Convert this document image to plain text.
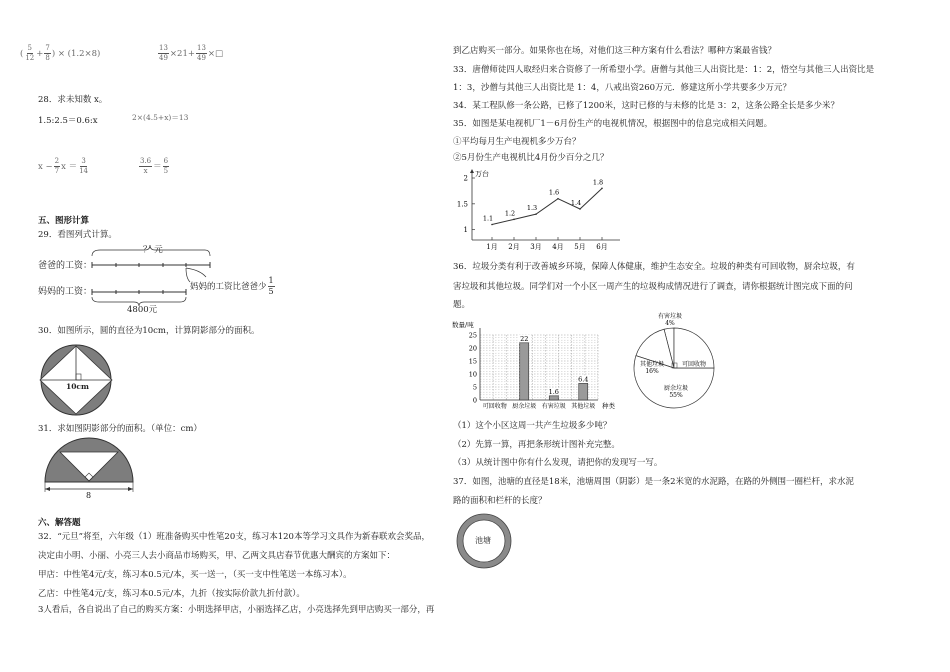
( $\frac{5}{12} + \frac{7}{8}$ ) × (1.2×8)	$\frac{13}{49} \times 21+ \frac{13}{49}$ ×□
28．求未知数 x。
1.5:2.5＝0.6:x	2×(4.5+x)＝13
$x - \frac{2}{7}$ $x = \frac{3}{14}$	$\frac{3.6}{x} = \frac{6}{5}$
五、图形计算
29．看图列式计算。
爸爸的工资：
妈妈的工资：
？ 元
4800元
妈妈的工资比爸爸少 $\frac{1}{5}$
30．如图所示，圆的直径为10cm，计算阴影部分的面积。
10cm
31．求如图阴影部分的面积。（单位：cm）
8
六、解答题
32．“元旦”将至，六年级（1）班准备购买中性笔20支，练习本120本等学习文具作为新春联欢会奖品，
决定由小明、小丽、小亮三人去小商品市场购买，甲、乙两文具店春节优惠大酬宾的方案如下：
甲店：中性笔4元/支，练习本0.5元/本，买一送一，（买一支中性笔送一本练习本）。
乙店：中性笔4元/支，练习本0.5元/本，九折（按实际价款九折付款）。
3人看后，各自说出了自己的购买方案：小明选择甲店，小丽选择乙店，小亮选择先到甲店购买一部分，再
到乙店购买一部分。如果你也在场，对他们这三种方案有什么看法？哪种方案最省钱？
33．唐僧师徒四人取经归来合资修了一所希望小学。唐僧与其他三人出资比是：1：2，悟空与其他三人出资比是
1：3，沙僧与其他三人出资比是 1：4，八戒出资260万元．修建这所小学共要多少万元？
34．某工程队修一条公路，已修了1200米，这时已修的与未修的比是 3：2，这条公路全长是多少米？
35．如图是某电视机厂1－6月份生产的电视机情况，根据图中的信息完成相关问题。
①平均每月生产电视机多少万台？
②5月份生产电视机比4月份少百分之几？
万台
1
1.5
2
1月
1.1
2月
1.2
3月
1.3
4月
1.6
5月
1.4
6月
1.8
36．垃圾分类有利于改善城乡环境，保障人体健康，维护生态安全。垃圾的种类有可回收物，厨余垃圾，有
害垃圾和其他垃圾。同学们对一个小区一周产生的垃圾构成情况进行了调查，请你根据统计图完成下面的问
题。
数量/吨
种类
0
5
10
15
20
25
可回收物 厨余垃圾
22
有害垃圾
1.6
其他垃圾
6.4
有害垃圾
4%
其他垃圾
16%
厨余垃圾
55%
可回收物
（1）这个小区这周一共产生垃圾多少吨？
（2）先算一算，再把条形统计图补充完整。
（3）从统计图中你有什么发现，请把你的发现写一写。
37．如图，池塘的直径是18米，池塘周围（阴影）是一条2米宽的水泥路，在路的外侧围一圈栏杆，求水泥
路的面积和栏杆的长度？
池塘
